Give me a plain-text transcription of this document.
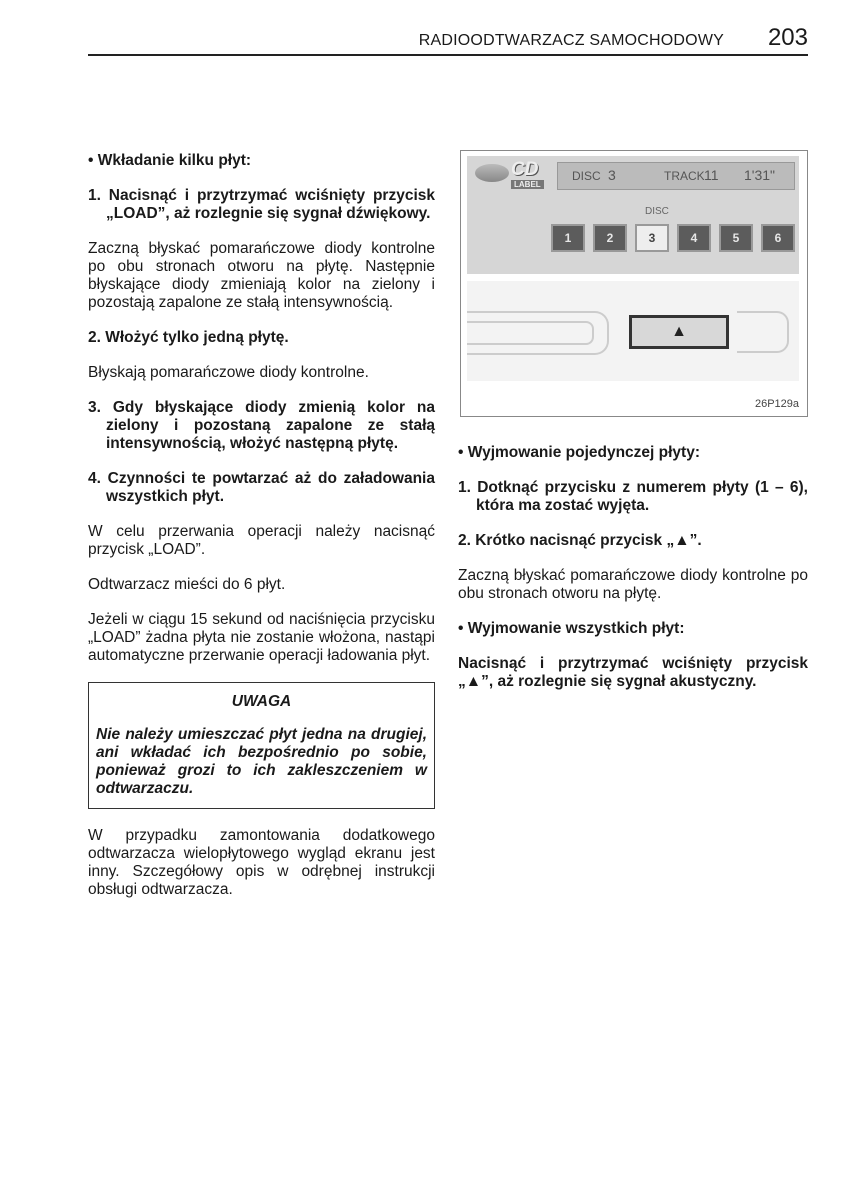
RADIOODTWARZACZ SAMOCHODOWY 203

• Wkładanie kilku płyt:

1. Nacisnąć i przytrzymać wciśnięty przycisk „LOAD”, aż rozlegnie się sygnał dźwiękowy.

Zaczną błyskać pomarańczowe diody kontrolne po obu stronach otworu na płytę. Następnie błyskające diody zmieniają kolor na zielony i pozostają zapalone ze stałą intensywnością.

2. Włożyć tylko jedną płytę.

Błyskają pomarańczowe diody kontrolne.

3. Gdy błyskające diody zmienią kolor na zielony i pozostaną zapalone ze stałą intensywnością, włożyć następną płytę.

4. Czynności te powtarzać aż do załadowania wszystkich płyt.

W celu przerwania operacji należy nacisnąć przycisk „LOAD”.

Odtwarzacz mieści do 6 płyt.

Jeżeli w ciągu 15 sekund od naciśnięcia przycisku „LOAD” żadna płyta nie zostanie włożona, nastąpi automatyczne przerwanie operacji ładowania płyt.

UWAGA
Nie należy umieszczać płyt jedna na drugiej, ani wkładać ich bezpośrednio po sobie, ponieważ grozi to ich zakleszczeniem w odtwarzaczu.

W przypadku zamontowania dodatkowego odtwarzacza wielopłytowego wygląd ekranu jest inny. Szczegółowy opis w odrębnej instrukcji obsługi odtwarzacza.

CD
LABEL
DISC 3	TRACK 11 1'31"
DISC
1	2	3	4	5	6
▲
26P129a

• Wyjmowanie pojedynczej płyty:

1. Dotknąć przycisku z numerem płyty (1 – 6), która ma zostać wyjęta.

2. Krótko nacisnąć przycisk „▲”.

Zaczną błyskać pomarańczowe diody kontrolne po obu stronach otworu na płytę.

• Wyjmowanie wszystkich płyt:

Nacisnąć i przytrzymać wciśnięty przycisk „▲”, aż rozlegnie się sygnał akustyczny.
